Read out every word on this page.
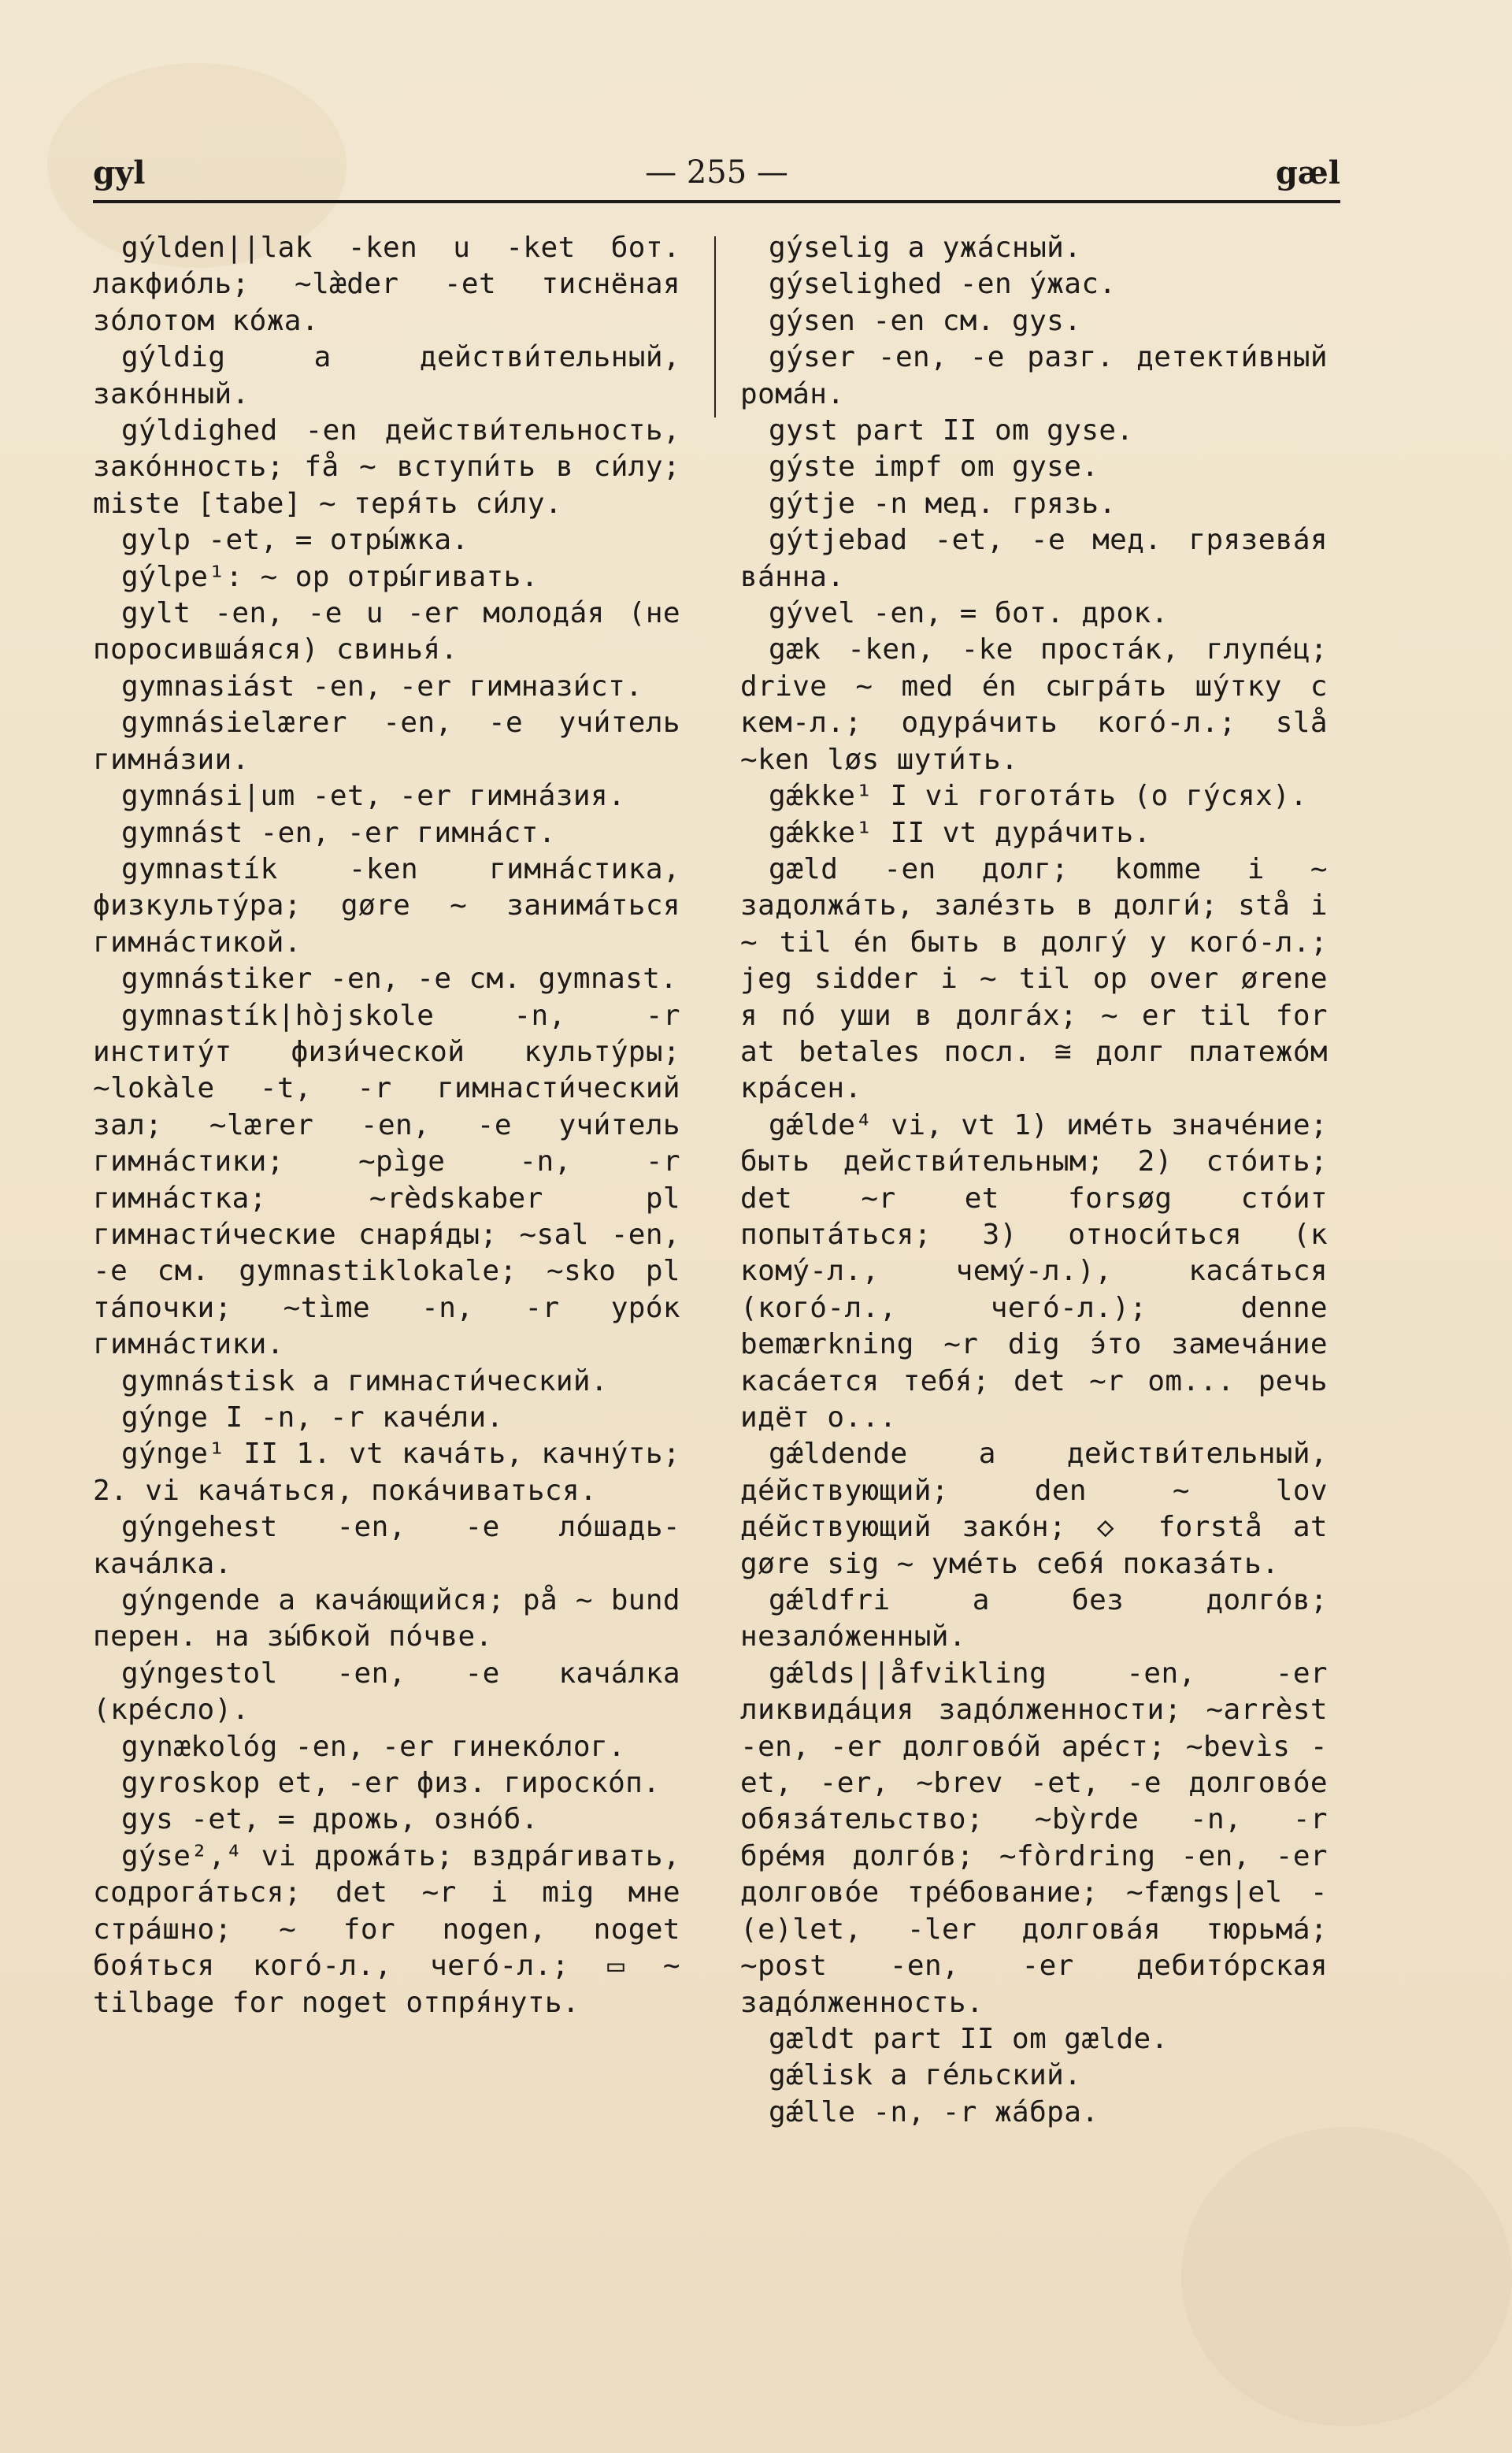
gyl	— 255 —	gæl

gýlden||lak -ken u -ket бот. лакфио́ль; ~læ̀der -et тиснёная зо́лотом ко́жа.

gýldig a действи́тельный, зако́нный.

gýldighed -en действи́тельность, зако́нность; få ~ вступи́ть в си́лу; miste [tabe] ~ теря́ть си́лу.

gylp -et, = отры́жка.

gýlpe¹: ~ op отры́гивать.

gylt -en, -e u -er молода́я (не поросивша́яся) свинья́.

gymnasiást -en, -er гимнази́ст.

gymnásielærer -en, -e учи́тель гимна́зии.

gymnási|um -et, -er гимна́зия.

gymnást -en, -er гимна́ст.

gymnastík -ken гимна́стика, физкульту́ра; gøre ~ занима́ться гимна́стикой.

gymnástiker -en, -e см. gymnast.

gymnastík|hòjskole -n, -r институ́т физи́ческой культу́ры; ~lokàle -t, -r гимнасти́ческий зал; ~lærer -en, -e учи́тель гимна́стики; ~pìge -n, -r гимна́стка; ~rèdskaber pl гимнасти́ческие снаря́ды; ~sal -en, -e см. gymnastiklokale; ~sko pl та́почки; ~tìme -n, -r уро́к гимна́стики.

gymnástisk a гимнасти́ческий.

gýnge I -n, -r каче́ли.

gýnge¹ II 1. vt кача́ть, качну́ть; 2. vi кача́ться, пока́чиваться.

gýngehest -en, -e ло́шадь-кача́лка.

gýngende a кача́ющийся; på ~ bund перен. на зы́бкой по́чве.

gýngestol -en, -e кача́лка (кре́сло).

gynækológ -en, -er гинеко́лог.

gyroskop et, -er физ. гироско́п.

gys -et, = дрожь, озно́б.

gýse²,⁴ vi дрожа́ть; вздра́гивать, содрога́ться; det ~r i mig мне стра́шно; ~ for nogen, noget боя́ться кого́-л., чего́-л.; ▭ ~ tilbage for noget отпря́нуть.

gýselig a ужа́сный.

gýselighed -en у́жас.

gýsen -en см. gys.

gýser -en, -e разг. детекти́вный рома́н.

gyst part II om gyse.

gýste impf om gyse.

gýtje -n мед. грязь.

gýtjebad -et, -e мед. грязева́я ва́нна.

gývel -en, = бот. дрок.

gæk -ken, -ke проста́к, глупе́ц; drive ~ med én сыгра́ть шу́тку с кем-л.; одура́чить кого́-л.; slå ~ken løs шути́ть.

gǽkke¹ I vi гогота́ть (о гу́сях).

gǽkke¹ II vt дура́чить.

gæld -en долг; komme i ~ задолжа́ть, залéзть в долги́; stå i ~ til én быть в долгу́ у кого́-л.; jeg sidder i ~ til op over ørene я по́ уши в долга́х; ~ er til for at betales посл. ≅ долг платежо́м кра́сен.

gǽlde⁴ vi, vt 1) име́ть значе́ние; быть действи́тельным; 2) сто́ить; det ~r et forsøg сто́ит попыта́ться; 3) относи́ться (к кому́-л., чему́-л.), каса́ться (кого́-л., чего́-л.); denne bemærkning ~r dig э́то замеча́ние каса́ется тебя́; det ~r om... речь идёт о...

gǽldende a действи́тельный, де́йствующий; den ~ lov де́йствующий зако́н; ◇ forstå at gøre sig ~ уме́ть себя́ показа́ть.

gǽldfri a без долго́в; незало́женный.

gǽlds||åfvikling -en, -er ликвида́ция задо́лженности; ~arrèst -en, -er долгово́й аре́ст; ~bevìs -et, -er, ~brev -et, -e долгово́е обяза́тельство; ~bỳrde -n, -r бре́мя долго́в; ~fòrdring -en, -er долгово́е тре́бование; ~fængs|el -(e)let, -ler долгова́я тюрьма́; ~post -en, -er дебито́рская задо́лженность.

gældt part II om gælde.

gǽlisk a ге́льский.

gǽlle -n, -r жа́бра.
